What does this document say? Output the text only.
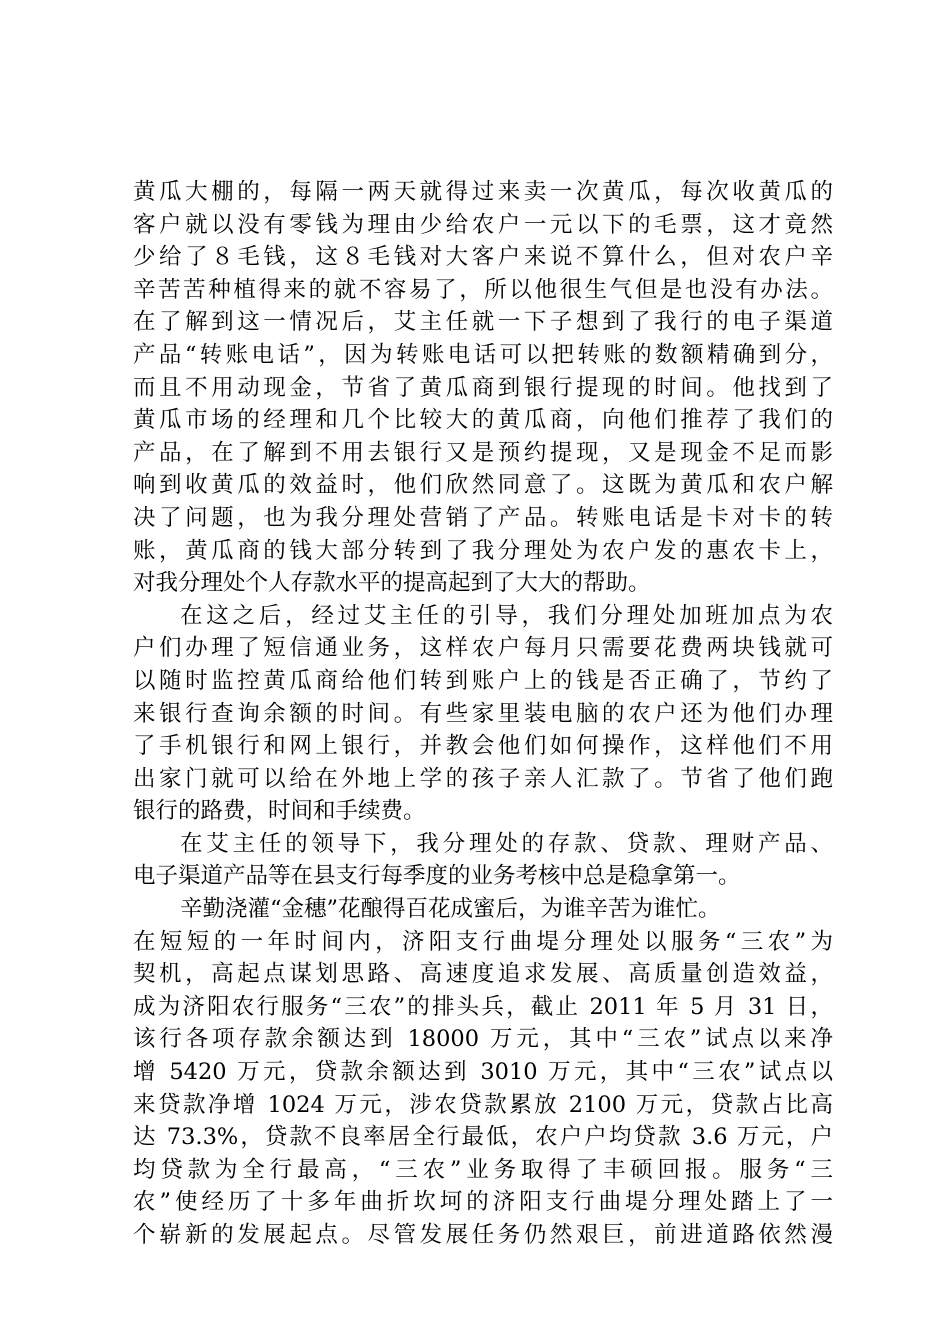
黄瓜大棚的，每隔一两天就得过来卖一次黄瓜，每次收黄瓜的
客户就以没有零钱为理由少给农户一元以下的毛票，这才竟然
少给了８毛钱，这８毛钱对大客户来说不算什么，但对农户辛
辛苦苦种植得来的就不容易了，所以他很生气但是也没有办法。
在了解到这一情况后，艾主任就一下子想到了我行的电子渠道
产品“转账电话”，因为转账电话可以把转账的数额精确到分，
而且不用动现金，节省了黄瓜商到银行提现的时间。他找到了
黄瓜市场的经理和几个比较大的黄瓜商，向他们推荐了我们的
产品，在了解到不用去银行又是预约提现，又是现金不足而影
响到收黄瓜的效益时，他们欣然同意了。这既为黄瓜和农户解
决了问题，也为我分理处营销了产品。转账电话是卡对卡的转
账，黄瓜商的钱大部分转到了我分理处为农户发的惠农卡上，
对我分理处个人存款水平的提高起到了大大的帮助。
在这之后，经过艾主任的引导，我们分理处加班加点为农
户们办理了短信通业务，这样农户每月只需要花费两块钱就可
以随时监控黄瓜商给他们转到账户上的钱是否正确了，节约了
来银行查询余额的时间。有些家里装电脑的农户还为他们办理
了手机银行和网上银行，并教会他们如何操作，这样他们不用
出家门就可以给在外地上学的孩子亲人汇款了。节省了他们跑
银行的路费，时间和手续费。
在艾主任的领导下，我分理处的存款、贷款、理财产品、
电子渠道产品等在县支行每季度的业务考核中总是稳拿第一。
辛勤浇灌“金穗”花酿得百花成蜜后，为谁辛苦为谁忙。
在短短的一年时间内，济阳支行曲堤分理处以服务“三农”为
契机，高起点谋划思路、高速度追求发展、高质量创造效益，
成为济阳农行服务“三农”的排头兵，截止 2011 年 5 月 31 日，
该行各项存款余额达到 18000 万元，其中“三农”试点以来净
增 5420 万元，贷款余额达到 3010 万元，其中“三农”试点以
来贷款净增 1024 万元，涉农贷款累放 2100 万元，贷款占比高
达 73.3%，贷款不良率居全行最低，农户户均贷款 3.6 万元，户
均贷款为全行最高，“三农”业务取得了丰硕回报。服务“三
农”使经历了十多年曲折坎坷的济阳支行曲堤分理处踏上了一
个崭新的发展起点。尽管发展任务仍然艰巨，前进道路依然漫
